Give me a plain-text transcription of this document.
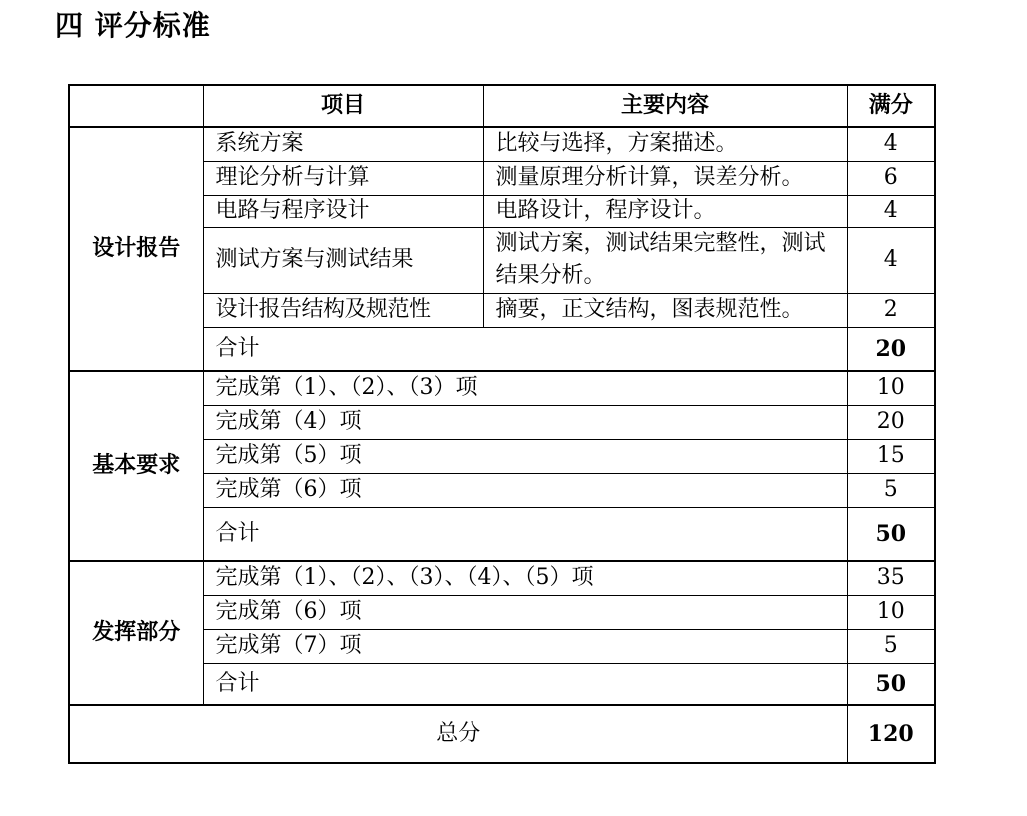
四 评分标准
	项目	主要内容	满分
设计报告	系统方案	比较与选择，方案描述。	4
	理论分析与计算	测量原理分析计算，误差分析。	6
	电路与程序设计	电路设计，程序设计。	4
	测试方案与测试结果	测试方案，测试结果完整性，测试结果分析。	4
	设计报告结构及规范性	摘要，正文结构，图表规范性。	2
	合计		20
基本要求	完成第（1）、（2）、（3）项		10
	完成第（4）项		20
	完成第（5）项		15
	完成第（6）项		5
	合计		50
发挥部分	完成第（1）、（2）、（3）、（4）、（5）项		35
	完成第（6）项		10
	完成第（7）项		5
	合计		50
总分			120
